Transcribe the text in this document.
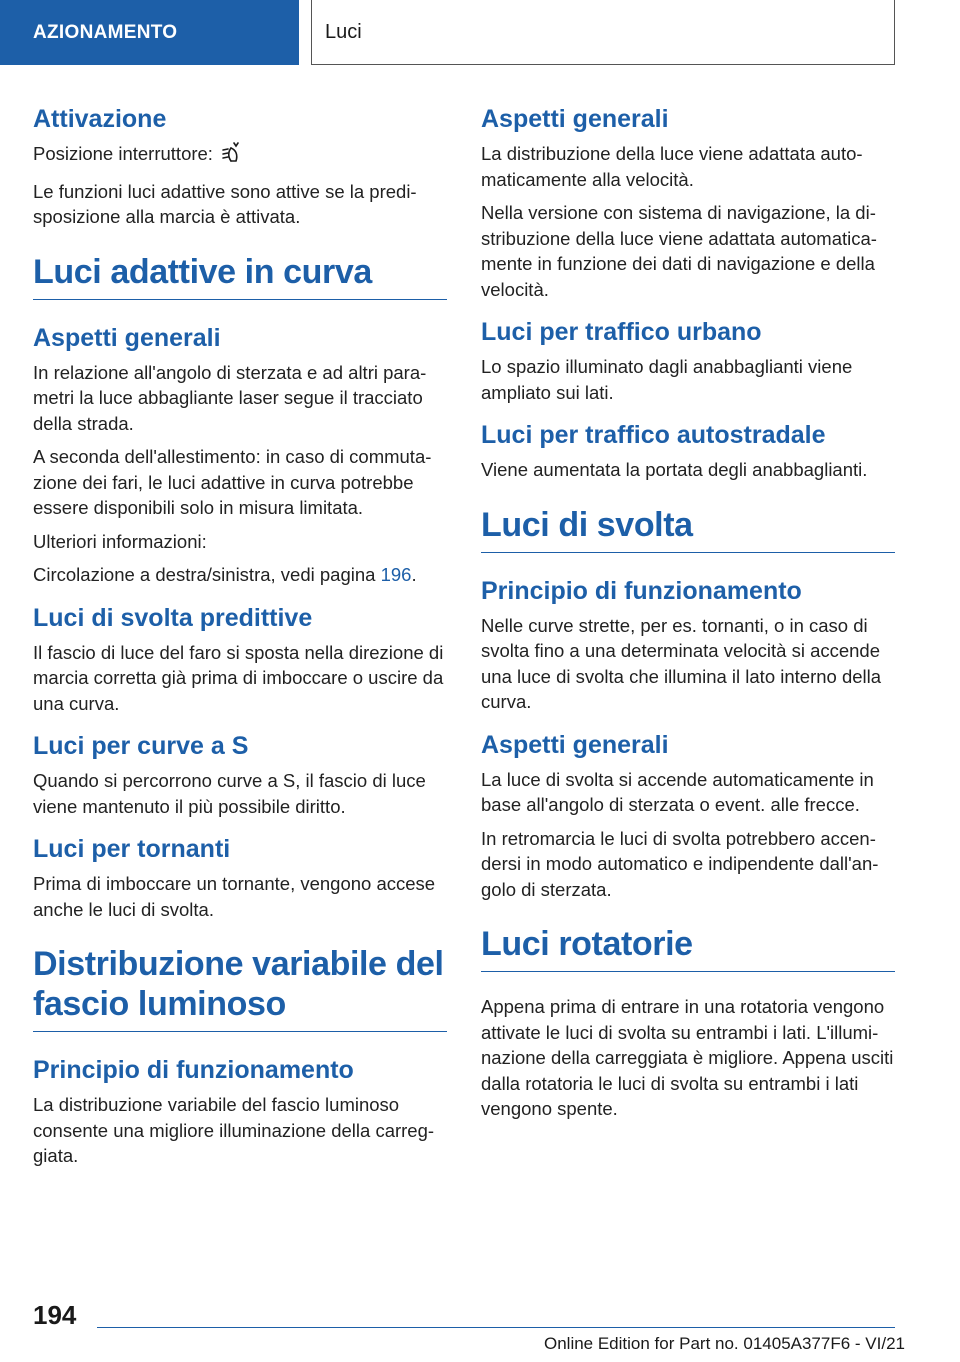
AZIONAMENTO	Luci
Attivazione

Posizione interruttore:

Le funzioni luci adattive sono attive se la predi-sposizione alla marcia è attivata.

Luci adattive in curva
Aspetti generali

In relazione all'angolo di sterzata e ad altri para-metri la luce abbagliante laser segue il tracciato della strada.

A seconda dell'allestimento: in caso di commuta-zione dei fari, le luci adattive in curva potrebbe essere disponibili solo in misura limitata.

Ulteriori informazioni:

Circolazione a destra/sinistra, vedi pagina 196.

Luci di svolta predittive

Il fascio di luce del faro si sposta nella direzione di marcia corretta già prima di imboccare o uscire da una curva.

Luci per curve a S

Quando si percorrono curve a S, il fascio di luce viene mantenuto il più possibile diritto.

Luci per tornanti

Prima di imboccare un tornante, vengono accese anche le luci di svolta.

Distribuzione variabile del
fascio luminoso
Principio di funzionamento

La distribuzione variabile del fascio luminoso consente una migliore illuminazione della carreg-giata.

Aspetti generali

La distribuzione della luce viene adattata auto-maticamente alla velocità.

Nella versione con sistema di navigazione, la di-stribuzione della luce viene adattata automatica-mente in funzione dei dati di navigazione e della velocità.

Luci per traffico urbano

Lo spazio illuminato dagli anabbaglianti viene ampliato sui lati.

Luci per traffico autostradale

Viene aumentata la portata degli anabbaglianti.

Luci di svolta
Principio di funzionamento

Nelle curve strette, per es. tornanti, o in caso di svolta fino a una determinata velocità si accende una luce di svolta che illumina il lato interno della curva.

Aspetti generali

La luce di svolta si accende automaticamente in base all'angolo di sterzata o event. alle frecce.

In retromarcia le luci di svolta potrebbero accen-dersi in modo automatico e indipendente dall'an-golo di sterzata.

Luci rotatorie

Appena prima di entrare in una rotatoria vengono attivate le luci di svolta su entrambi i lati. L'illumi-nazione della carreggiata è migliore. Appena usciti dalla rotatoria le luci di svolta su entrambi i lati vengono spente.

194
Online Edition for Part no. 01405A377F6 - VI/21
